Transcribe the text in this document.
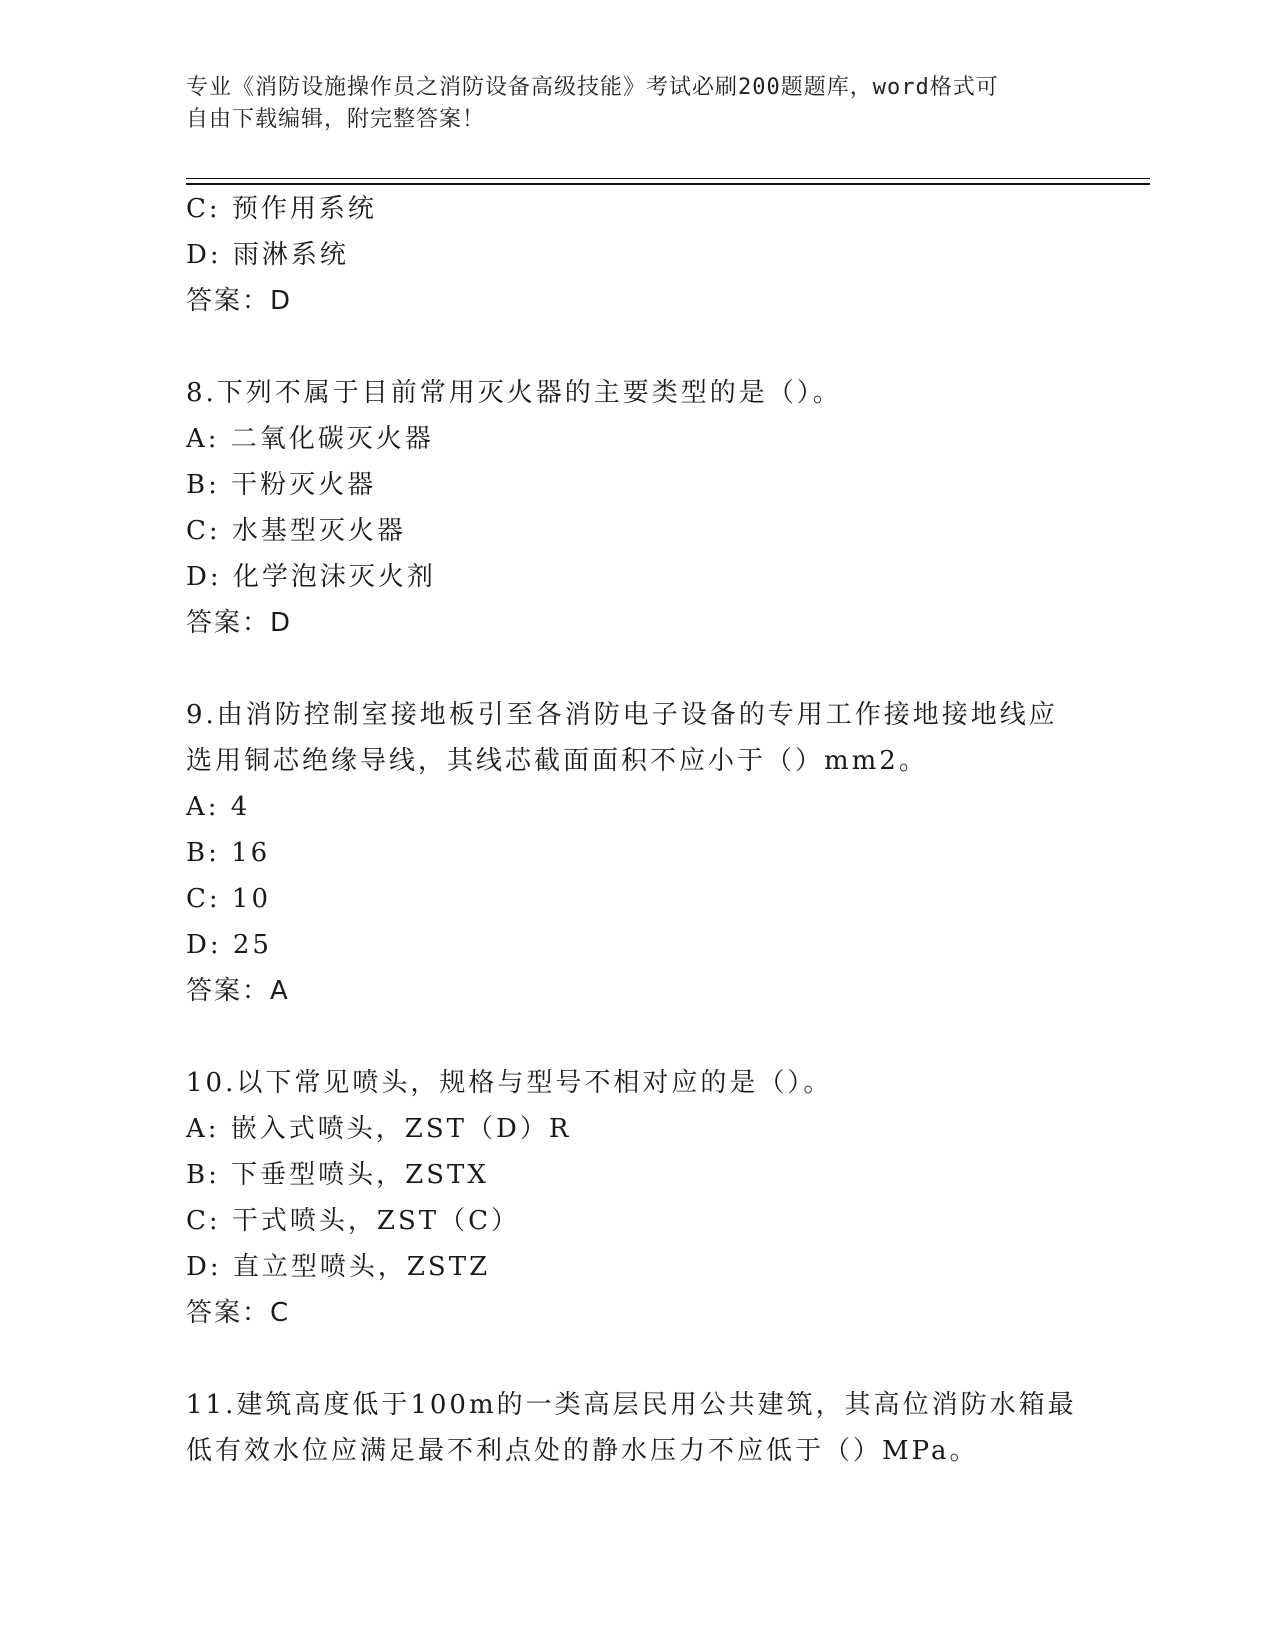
专业《消防设施操作员之消防设备高级技能》考试必刷200题题库，word格式可
自由下载编辑，附完整答案！
C: 预作用系统
D: 雨淋系统
答案：D
8.下列不属于目前常用灭火器的主要类型的是（）。
A: 二氧化碳灭火器
B: 干粉灭火器
C: 水基型灭火器
D: 化学泡沫灭火剂
答案：D
9.由消防控制室接地板引至各消防电子设备的专用工作接地接地线应
选用铜芯绝缘导线，其线芯截面面积不应小于（）mm2。
A: 4
B: 16
C: 10
D: 25
答案：A
10.以下常见喷头，规格与型号不相对应的是（）。
A: 嵌入式喷头，ZST（D）R
B: 下垂型喷头，ZSTX
C: 干式喷头，ZST（C）
D: 直立型喷头，ZSTZ
答案：C
11.建筑高度低于100m的一类高层民用公共建筑，其高位消防水箱最
低有效水位应满足最不利点处的静水压力不应低于（）MPa。
